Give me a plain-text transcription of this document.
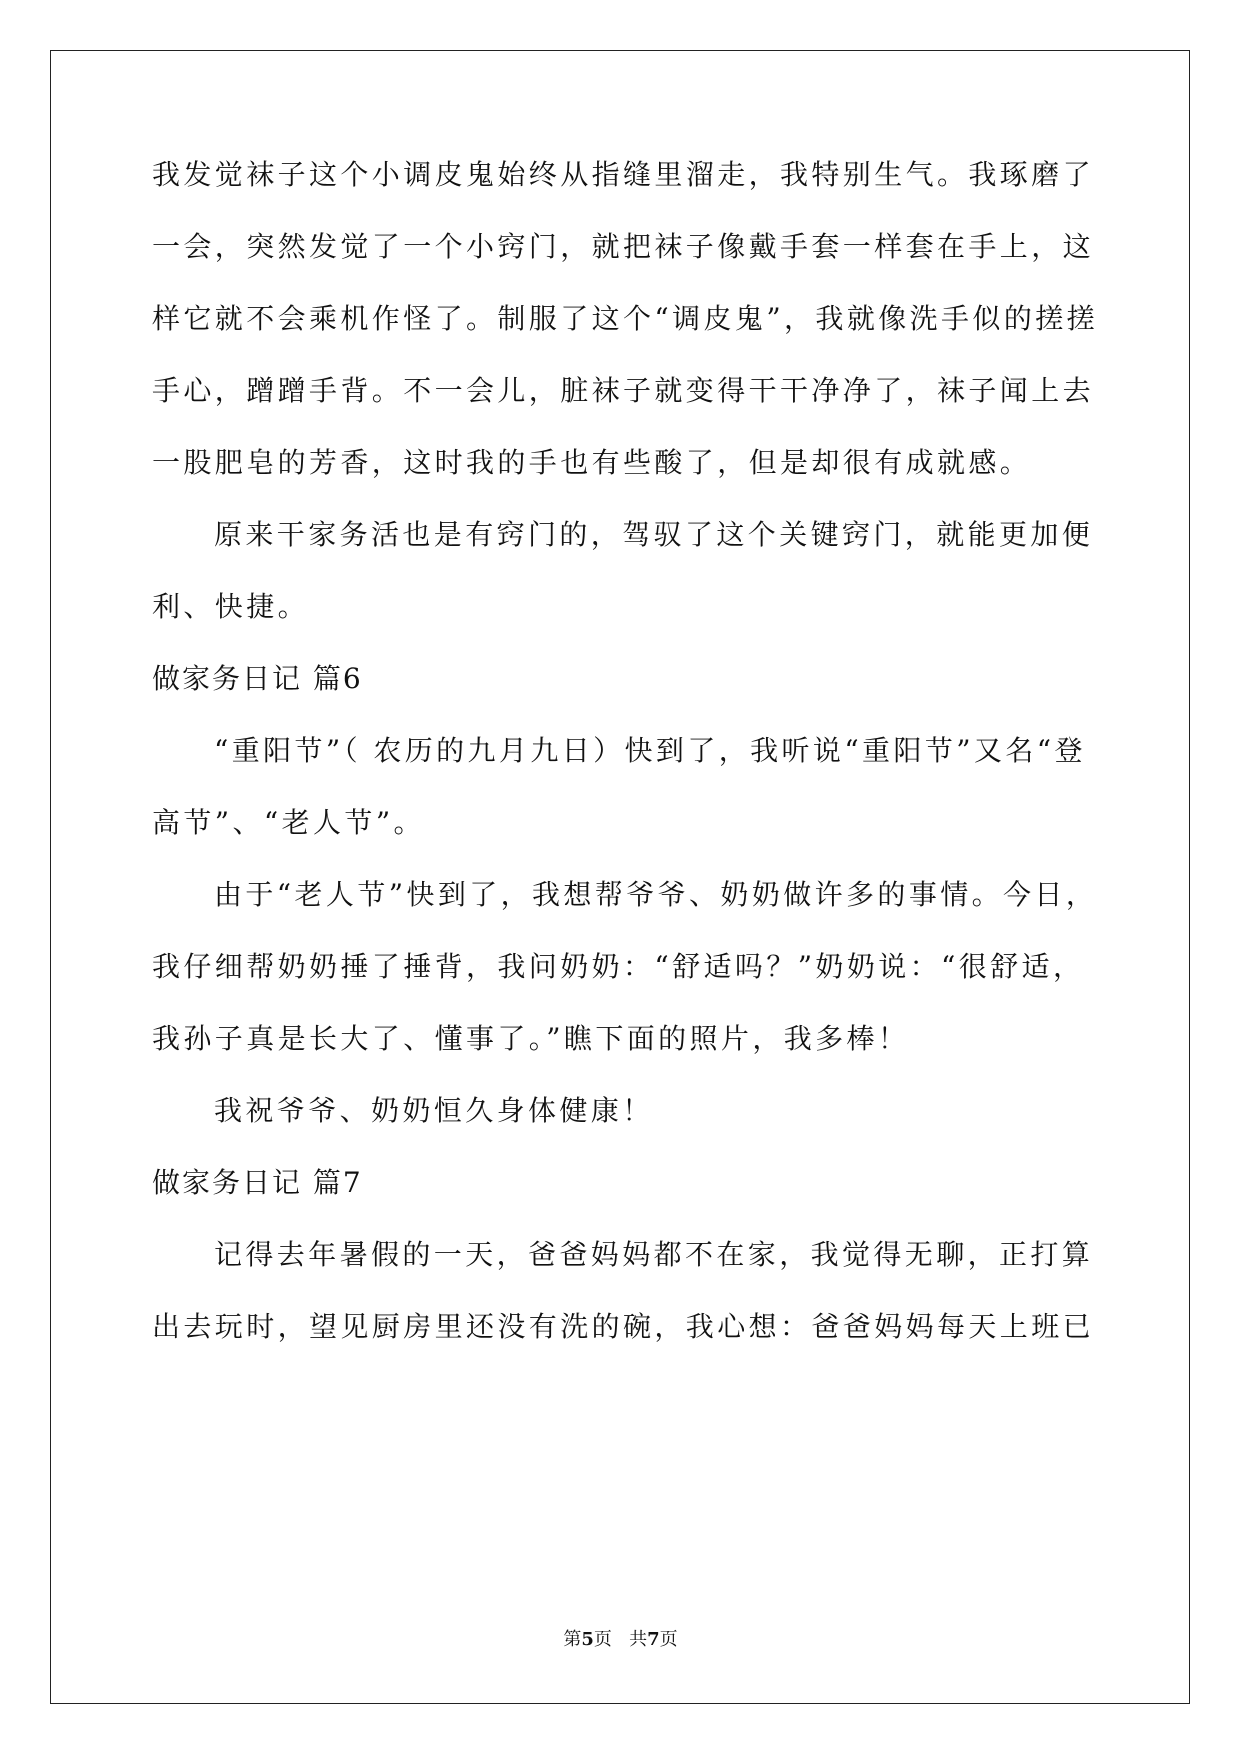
我发觉袜子这个小调皮鬼始终从指缝里溜走，我特别生气。我琢磨了
一会，突然发觉了一个小窍门，就把袜子像戴手套一样套在手上，这
样它就不会乘机作怪了。制服了这个“调皮鬼”，我就像洗手似的搓搓
手心，蹭蹭手背。不一会儿，脏袜子就变得干干净净了，袜子闻上去
一股肥皂的芳香，这时我的手也有些酸了，但是却很有成就感。
原来干家务活也是有窍门的，驾驭了这个关键窍门，就能更加便
利、快捷。
做家务日记 篇6
“重阳节”（ 农历的九月九日）快到了，我听说“重阳节”又名“登
高节”、“老人节”。
由于“老人节”快到了，我想帮爷爷、奶奶做许多的事情。今日，
我仔细帮奶奶捶了捶背，我问奶奶：“舒适吗？”奶奶说：“很舒适，
我孙子真是长大了、懂事了。”瞧下面的照片，我多棒！
我祝爷爷、奶奶恒久身体健康！
做家务日记 篇7
记得去年暑假的一天，爸爸妈妈都不在家，我觉得无聊，正打算
出去玩时，望见厨房里还没有洗的碗，我心想：爸爸妈妈每天上班已
第5页   共7页
